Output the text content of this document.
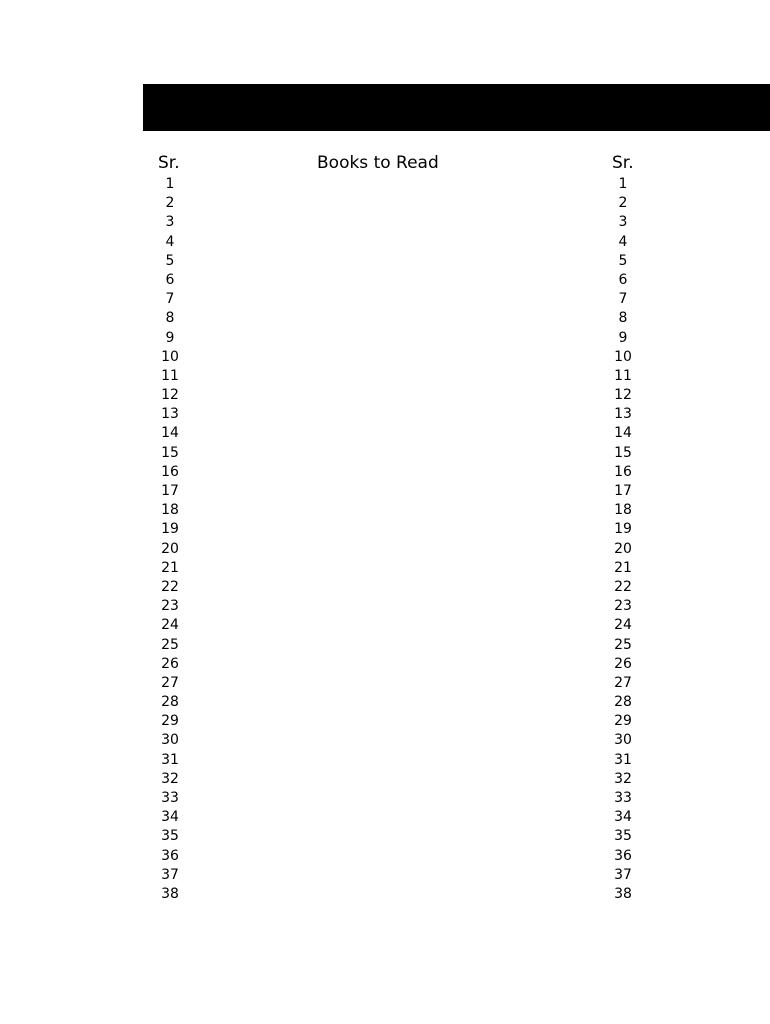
Sr.	Books to Read	Sr.
1
2
3
4
5
6
7
8
9
10
11
12
13
14
15
16
17
18
19
20
21
22
23
24
25
26
27
28
29
30
31
32
33
34
35
36
37
38
1
2
3
4
5
6
7
8
9
10
11
12
13
14
15
16
17
18
19
20
21
22
23
24
25
26
27
28
29
30
31
32
33
34
35
36
37
38
